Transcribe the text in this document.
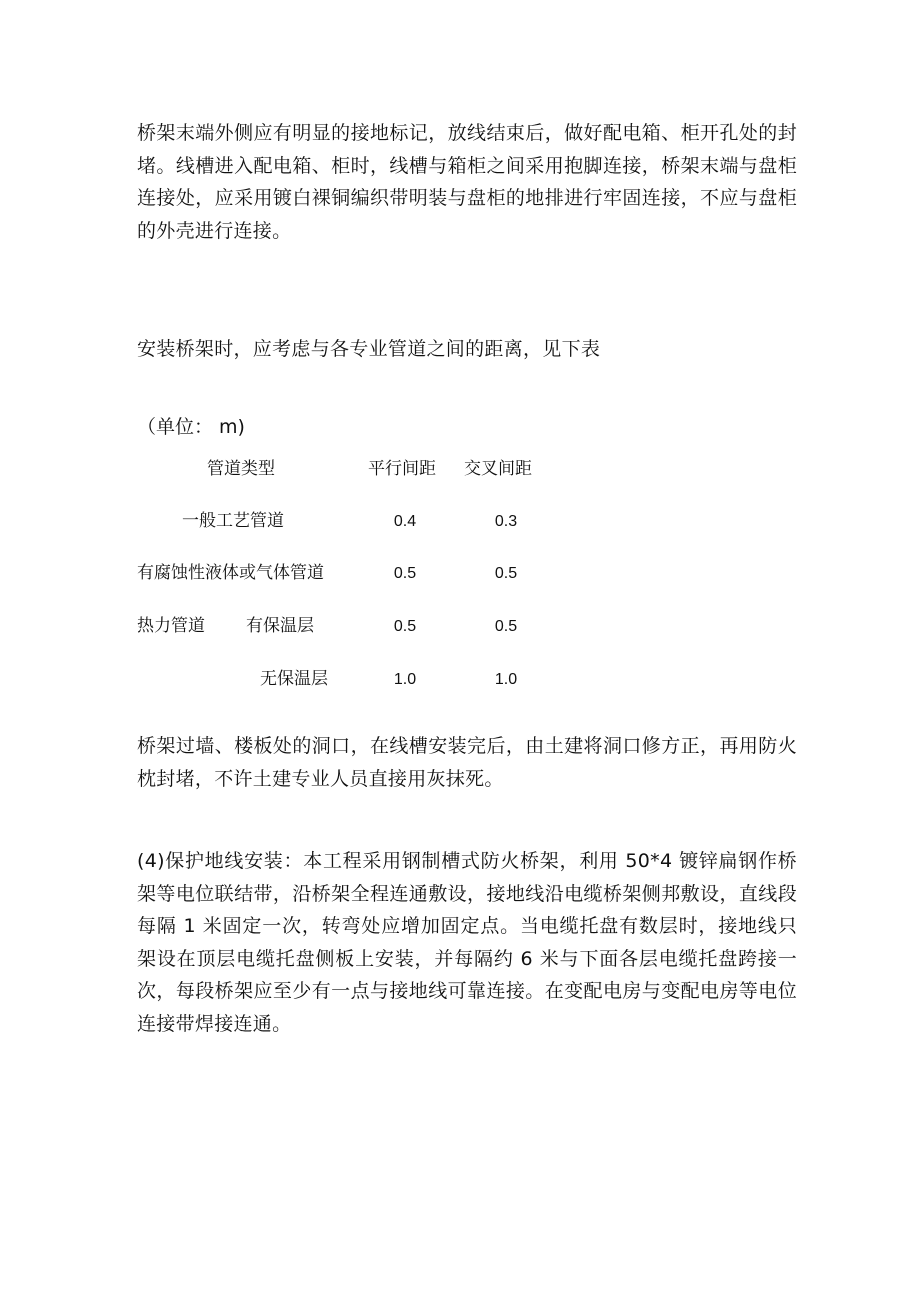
桥架末端外侧应有明显的接地标记，放线结束后，做好配电箱、柜开孔处的封堵。线槽进入配电箱、柜时，线槽与箱柜之间采用抱脚连接，桥架末端与盘柜连接处，应采用镀白裸铜编织带明装与盘柜的地排进行牢固连接，不应与盘柜的外壳进行连接。

安装桥架时，应考虑与各专业管道之间的距离，见下表

（单位： m)
管道类型	平行间距 交叉间距
一般工艺管道	0.4	0.3
有腐蚀性液体或气体管道	0.5	0.5
热力管道 有保温层	0.5	0.5
无保温层	1.0	1.0

桥架过墙、楼板处的洞口，在线槽安装完后，由土建将洞口修方正，再用防火枕封堵，不许土建专业人员直接用灰抹死。

(4)保护地线安装：本工程采用钢制槽式防火桥架，利用 50*4 镀锌扁钢作桥架等电位联结带，沿桥架全程连通敷设，接地线沿电缆桥架侧邦敷设，直线段每隔 1 米固定一次，转弯处应增加固定点。当电缆托盘有数层时，接地线只架设在顶层电缆托盘侧板上安装，并每隔约 6 米与下面各层电缆托盘跨接一次，每段桥架应至少有一点与接地线可靠连接。在变配电房与变配电房等电位连接带焊接连通。
